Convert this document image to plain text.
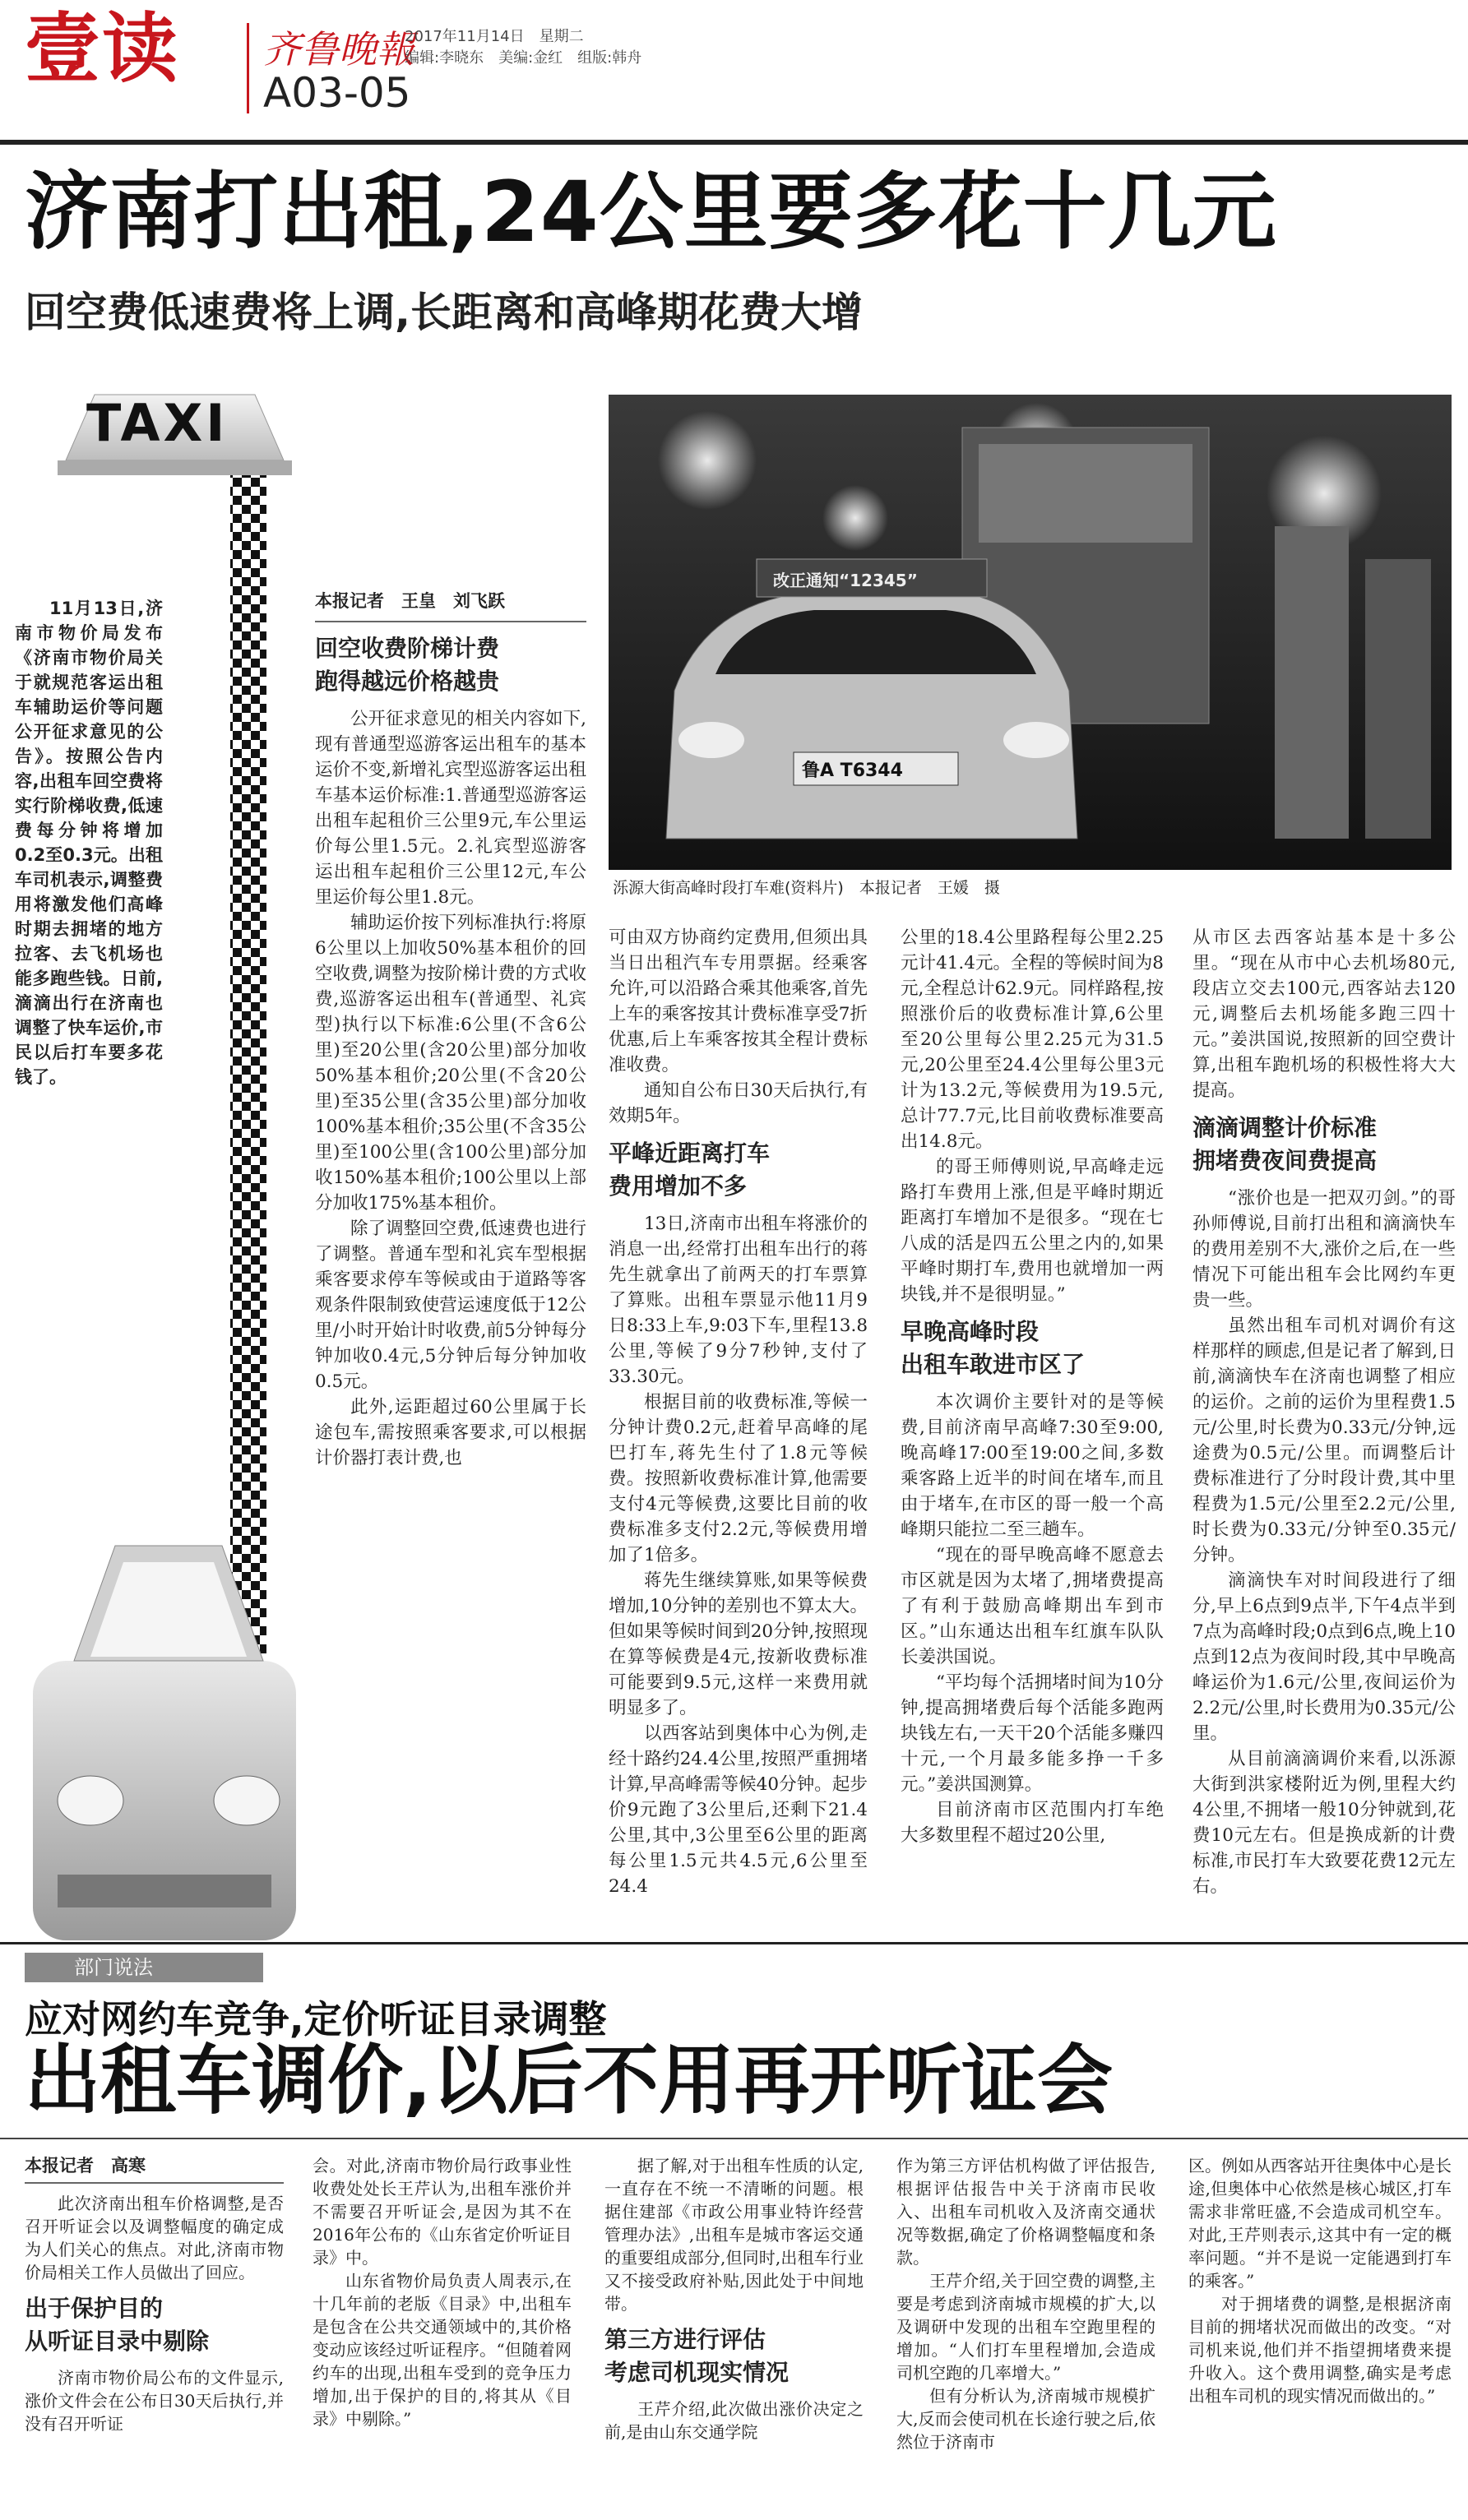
壹读 齐鲁晚報
A03-05
2017年11月14日　星期二
编辑:李晓东　美编:金红　组版:韩舟
济南打出租,24公里要多花十几元
回空费低速费将上调,长距离和高峰期花费大增
TAXI

11月13日,济南市物价局发布《济南市物价局关于就规范客运出租车辅助运价等问题公开征求意见的公告》。按照公告内容,出租车回空费将实行阶梯收费,低速费每分钟将增加0.2至0.3元。出租车司机表示,调整费用将激发他们高峰时期去拥堵的地方拉客、去飞机场也能多跑些钱。日前,滴滴出行在济南也调整了快车运价,市民以后打车要多花钱了。

改正通知“12345”
鲁A T6344
泺源大街高峰时段打车难(资料片)　本报记者　王媛　摄
本报记者　王皇　刘飞跃
回空收费阶梯计费
跑得越远价格越贵

公开征求意见的相关内容如下,现有普通型巡游客运出租车的基本运价不变,新增礼宾型巡游客运出租车基本运价标准:1.普通型巡游客运出租车起租价三公里9元,车公里运价每公里1.5元。2.礼宾型巡游客运出租车起租价三公里12元,车公里运价每公里1.8元。

辅助运价按下列标准执行:将原6公里以上加收50%基本租价的回空收费,调整为按阶梯计费的方式收费,巡游客运出租车(普通型、礼宾型)执行以下标准:6公里(不含6公里)至20公里(含20公里)部分加收50%基本租价;20公里(不含20公里)至35公里(含35公里)部分加收100%基本租价;35公里(不含35公里)至100公里(含100公里)部分加收150%基本租价;100公里以上部分加收175%基本租价。

除了调整回空费,低速费也进行了调整。普通车型和礼宾车型根据乘客要求停车等候或由于道路等客观条件限制致使营运速度低于12公里/小时开始计时收费,前5分钟每分钟加收0.4元,5分钟后每分钟加收0.5元。

此外,运距超过60公里属于长途包车,需按照乘客要求,可以根据计价器打表计费,也

可由双方协商约定费用,但须出具当日出租汽车专用票据。经乘客允许,可以沿路合乘其他乘客,首先上车的乘客按其计费标准享受7折优惠,后上车乘客按其全程计费标准收费。

通知自公布日30天后执行,有效期5年。

平峰近距离打车
费用增加不多

13日,济南市出租车将涨价的消息一出,经常打出租车出行的蒋先生就拿出了前两天的打车票算了算账。出租车票显示他11月9日8:33上车,9:03下车,里程13.8公里,等候了9分7秒钟,支付了33.30元。

根据目前的收费标准,等候一分钟计费0.2元,赶着早高峰的尾巴打车,蒋先生付了1.8元等候费。按照新收费标准计算,他需要支付4元等候费,这要比目前的收费标准多支付2.2元,等候费用增加了1倍多。

蒋先生继续算账,如果等候费增加,10分钟的差别也不算太大。但如果等候时间到20分钟,按照现在算等候费是4元,按新收费标准可能要到9.5元,这样一来费用就明显多了。

以西客站到奥体中心为例,走经十路约24.4公里,按照严重拥堵计算,早高峰需等候40分钟。起步价9元跑了3公里后,还剩下21.4公里,其中,3公里至6公里的距离每公里1.5元共4.5元,6公里至24.4

公里的18.4公里路程每公里2.25元计41.4元。全程的等候时间为8元,全程总计62.9元。同样路程,按照涨价后的收费标准计算,6公里至20公里每公里2.25元为31.5元,20公里至24.4公里每公里3元计为13.2元,等候费用为19.5元,总计77.7元,比目前收费标准要高出14.8元。

的哥王师傅则说,早高峰走远路打车费用上涨,但是平峰时期近距离打车增加不是很多。“现在七八成的活是四五公里之内的,如果平峰时期打车,费用也就增加一两块钱,并不是很明显。”

早晚高峰时段
出租车敢进市区了

本次调价主要针对的是等候费,目前济南早高峰7:30至9:00,晚高峰17:00至19:00之间,多数乘客路上近半的时间在堵车,而且由于堵车,在市区的哥一般一个高峰期只能拉二至三趟车。

“现在的哥早晚高峰不愿意去市区就是因为太堵了,拥堵费提高了有利于鼓励高峰期出车到市区。”山东通达出租车红旗车队队长姜洪国说。

“平均每个活拥堵时间为10分钟,提高拥堵费后每个活能多跑两块钱左右,一天干20个活能多赚四十元,一个月最多能多挣一千多元。”姜洪国测算。

目前济南市区范围内打车绝大多数里程不超过20公里,

从市区去西客站基本是十多公里。“现在从市中心去机场80元,段店立交去100元,西客站去120元,调整后去机场能多跑三四十元。”姜洪国说,按照新的回空费计算,出租车跑机场的积极性将大大提高。

滴滴调整计价标准
拥堵费夜间费提高

“涨价也是一把双刃剑。”的哥孙师傅说,目前打出租和滴滴快车的费用差别不大,涨价之后,在一些情况下可能出租车会比网约车更贵一些。

虽然出租车司机对调价有这样那样的顾虑,但是记者了解到,日前,滴滴快车在济南也调整了相应的运价。之前的运价为里程费1.5元/公里,时长费为0.33元/分钟,远途费为0.5元/公里。而调整后计费标准进行了分时段计费,其中里程费为1.5元/公里至2.2元/公里,时长费为0.33元/分钟至0.35元/分钟。

滴滴快车对时间段进行了细分,早上6点到9点半,下午4点半到7点为高峰时段;0点到6点,晚上10点到12点为夜间时段,其中早晚高峰运价为1.6元/公里,夜间运价为2.2元/公里,时长费用为0.35元/公里。

从目前滴滴调价来看,以泺源大街到洪家楼附近为例,里程大约4公里,不拥堵一般10分钟就到,花费10元左右。但是换成新的计费标准,市民打车大致要花费12元左右。

部门说法
应对网约车竞争,定价听证目录调整
出租车调价,以后不用再开听证会
本报记者　高寒

此次济南出租车价格调整,是否召开听证会以及调整幅度的确定成为人们关心的焦点。对此,济南市物价局相关工作人员做出了回应。

出于保护目的
从听证目录中剔除

济南市物价局公布的文件显示,涨价文件会在公布日30天后执行,并没有召开听证

会。对此,济南市物价局行政事业性收费处处长王芹认为,出租车涨价并不需要召开听证会,是因为其不在2016年公布的《山东省定价听证目录》中。

山东省物价局负责人周表示,在十几年前的老版《目录》中,出租车是包含在公共交通领域中的,其价格变动应该经过听证程序。“但随着网约车的出现,出租车受到的竞争压力增加,出于保护的目的,将其从《目录》中剔除。”

据了解,对于出租车性质的认定,一直存在不统一不清晰的问题。根据住建部《市政公用事业特许经营管理办法》,出租车是城市客运交通的重要组成部分,但同时,出租车行业又不接受政府补贴,因此处于中间地带。

第三方进行评估
考虑司机现实情况

王芹介绍,此次做出涨价决定之前,是由山东交通学院

作为第三方评估机构做了评估报告,根据评估报告中关于济南市民收入、出租车司机收入及济南交通状况等数据,确定了价格调整幅度和条款。

王芹介绍,关于回空费的调整,主要是考虑到济南城市规模的扩大,以及调研中发现的出租车空跑里程的增加。“人们打车里程增加,会造成司机空跑的几率增大。”

但有分析认为,济南城市规模扩大,反而会使司机在长途行驶之后,依然位于济南市

区。例如从西客站开往奥体中心是长途,但奥体中心依然是核心城区,打车需求非常旺盛,不会造成司机空车。对此,王芹则表示,这其中有一定的概率问题。“并不是说一定能遇到打车的乘客。”

对于拥堵费的调整,是根据济南目前的拥堵状况而做出的改变。“对司机来说,他们并不指望拥堵费来提升收入。这个费用调整,确实是考虑出租车司机的现实情况而做出的。”
